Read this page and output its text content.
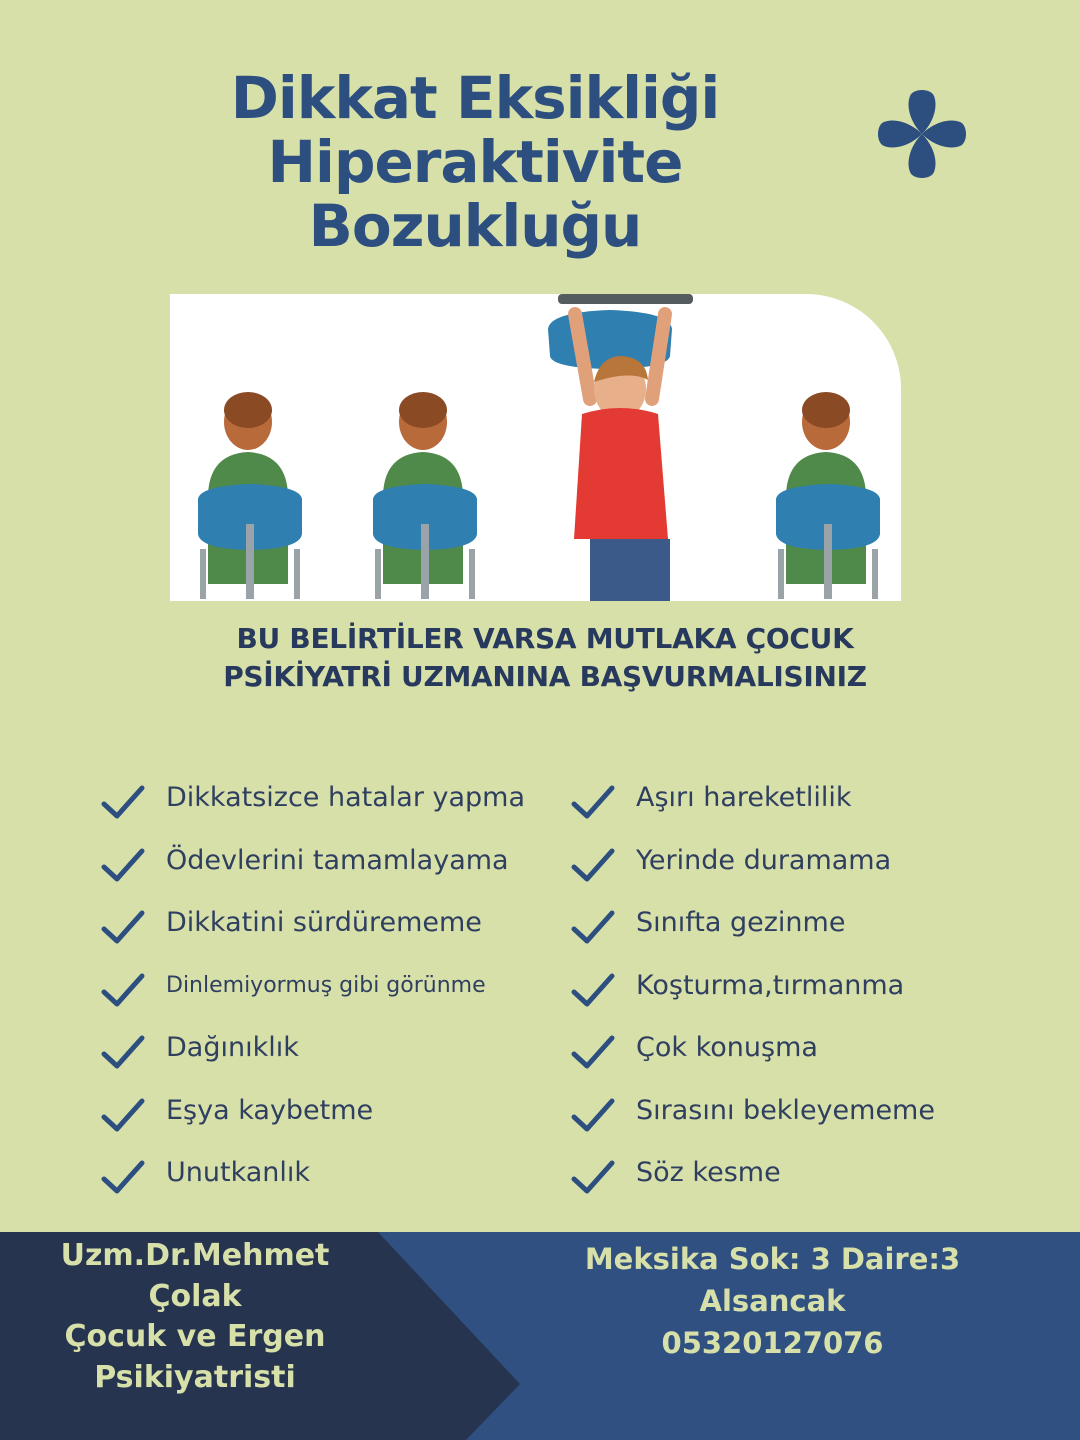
Dikkat Eksikliği
Hiperaktivite
Bozukluğu
BU BELİRTİLER VARSA MUTLAKA ÇOCUK
PSİKİYATRİ UZMANINA BAŞVURMALISINIZ
Dikkatsizce hatalar yapma
Ödevlerini tamamlayama
Dikkatini sürdürememe
Dinlemiyormuş gibi görünme
Dağınıklık
Eşya kaybetme
Unutkanlık
Aşırı hareketlilik
Yerinde duramama
Sınıfta gezinme
Koşturma,tırmanma
Çok konuşma
Sırasını bekleyememe
Söz kesme
Uzm.Dr.Mehmet
Çolak
Çocuk ve Ergen
Psikiyatristi
Meksika Sok: 3 Daire:3
Alsancak
05320127076
